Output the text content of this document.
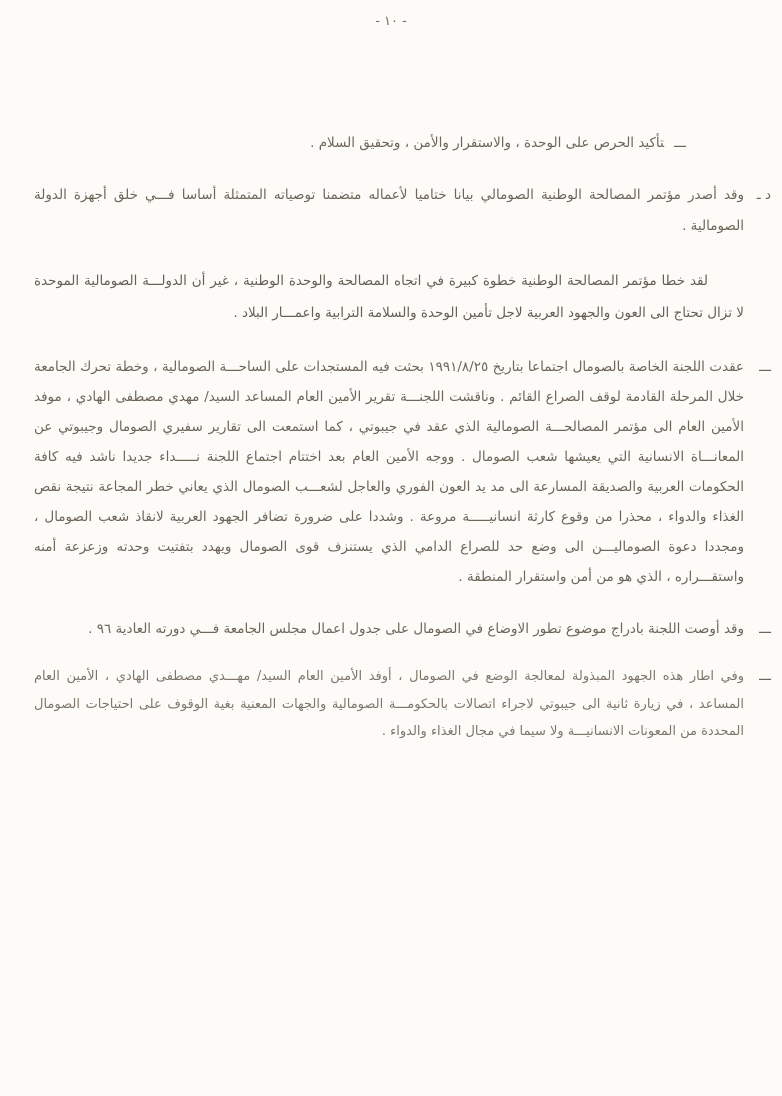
- ١٠ -
ـــتأكيد الحرص على الوحدة ، والاستقرار والأمن ، وتحقيق السلام .
د ـ
وقد أصدر مؤتمر المصالحة الوطنية الصومالي بيانا ختاميا لأعماله متضمنا توصياته المتمثلة أساسا فـــي خلق أجهزة الدولة الصومالية .
لقد خطا مؤتمر المصالحة الوطنية خطوة كبيرة في اتجاه المصالحة والوحدة الوطنية ، غير أن الدولـــة الصومالية الموحدة لا تزال تحتاج الى العون والجهود العربية لاجل تأمين الوحدة والسلامة الترابية واعمـــار البلاد .
ـــ
عقدت اللجنة الخاصة بالصومال اجتماعا بتاريخ ١٩٩١/٨/٢٥ بحثت فيه المستجدات على الساحـــة الصومالية ، وخطة تحرك الجامعة خلال المرحلة القادمة لوقف الصراع القائم . وناقشت اللجنـــة تقرير الأمين العام المساعد السيد/ مهدي مصطفى الهادي ، موفد الأمين العام الى مؤتمر المصالحـــة الصومالية الذي عقد في جيبوتي ، كما استمعت الى تقارير سفيري الصومال وجيبوتي عن المعانـــاة الانسانية التي يعيشها شعب الصومال . ووجه الأمين العام بعد اختتام اجتماع اللجنة نـــــداء جديدا ناشد فيه كافة الحكومات العربية والصديقة المسارعة الى مد يد العون الفوري والعاجل لشعـــب الصومال الذي يعاني خطر المجاعة نتيجة نقص الغذاء والدواء ، محذرا من وقوع كارثة انسانيـــــة مروعة . وشددا على ضرورة تضافر الجهود العربية لانقاذ شعب الصومال ، ومجددا دعوة الصوماليـــن الى وضع حد للصراع الدامي الذي يستنزف قوى الصومال ويهدد بتفتيت وحدته وزعزعة أمنه واستقـــراره ، الذي هو من أمن واستقرار المنطقة .
ـــ
وقد أوصت اللجنة بادراج موضوع تطور الاوضاع في الصومال على جدول اعمال مجلس الجامعة فـــي دورته العادية ٩٦ .
ـــ
وفي اطار هذه الجهود المبذولة لمعالجة الوضع في الصومال ، أوفد الأمين العام السيد/ مهـــدي مصطفى الهادي ، الأمين العام المساعد ، في زيارة ثانية الى جيبوتي لاجراء اتصالات بالحكومـــة الصومالية والجهات المعنية بغية الوقوف على احتياجات الصومال المحددة من المعونات الانسانيـــة ولا سيما في مجال الغذاء والدواء .
